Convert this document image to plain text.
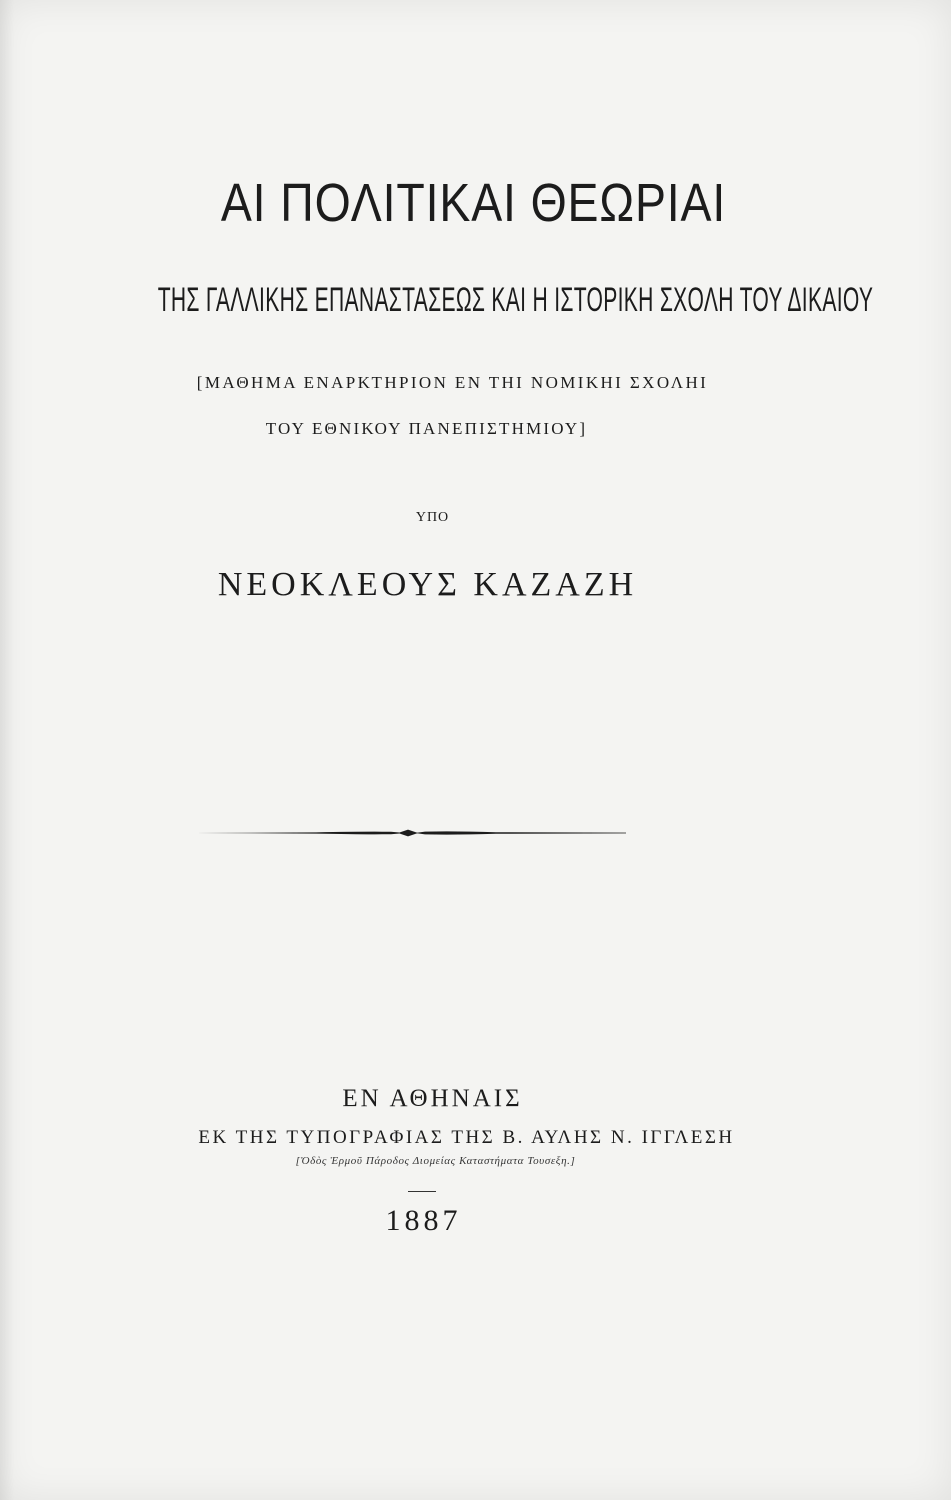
ΑΙ ΠΟΛΙΤΙΚΑΙ ΘΕΩΡΙΑΙ
ΤΗΣ ΓΑΛΛΙΚΗΣ ΕΠΑΝΑΣΤΑΣΕΩΣ ΚΑΙ Η ΙΣΤΟΡΙΚΗ ΣΧΟΛΗ ΤΟΥ ΔΙΚΑΙΟΥ
[ΜΑΘΗΜΑ ΕΝΑΡΚΤΗΡΙΟΝ ΕΝ ΤΗΙ ΝΟΜΙΚΗΙ ΣΧΟΛΗΙ
ΤΟΥ ΕΘΝΙΚΟΥ ΠΑΝΕΠΙΣΤΗΜΙΟΥ]
ΥΠΟ
ΝΕΟΚΛΕΟΥΣ ΚΑΖΑΖΗ
ΕΝ ΑΘΗΝΑΙΣ
ΕΚ ΤΗΣ ΤΥΠΟΓΡΑΦΙΑΣ ΤΗΣ Β. ΑΥΛΗΣ Ν. ΙΓΓΛΕΣΗ
[Ὁδὸς Ἑρμοῦ Πάροδος Διομείας Καταστήματα Τουσεξη.]
1887
